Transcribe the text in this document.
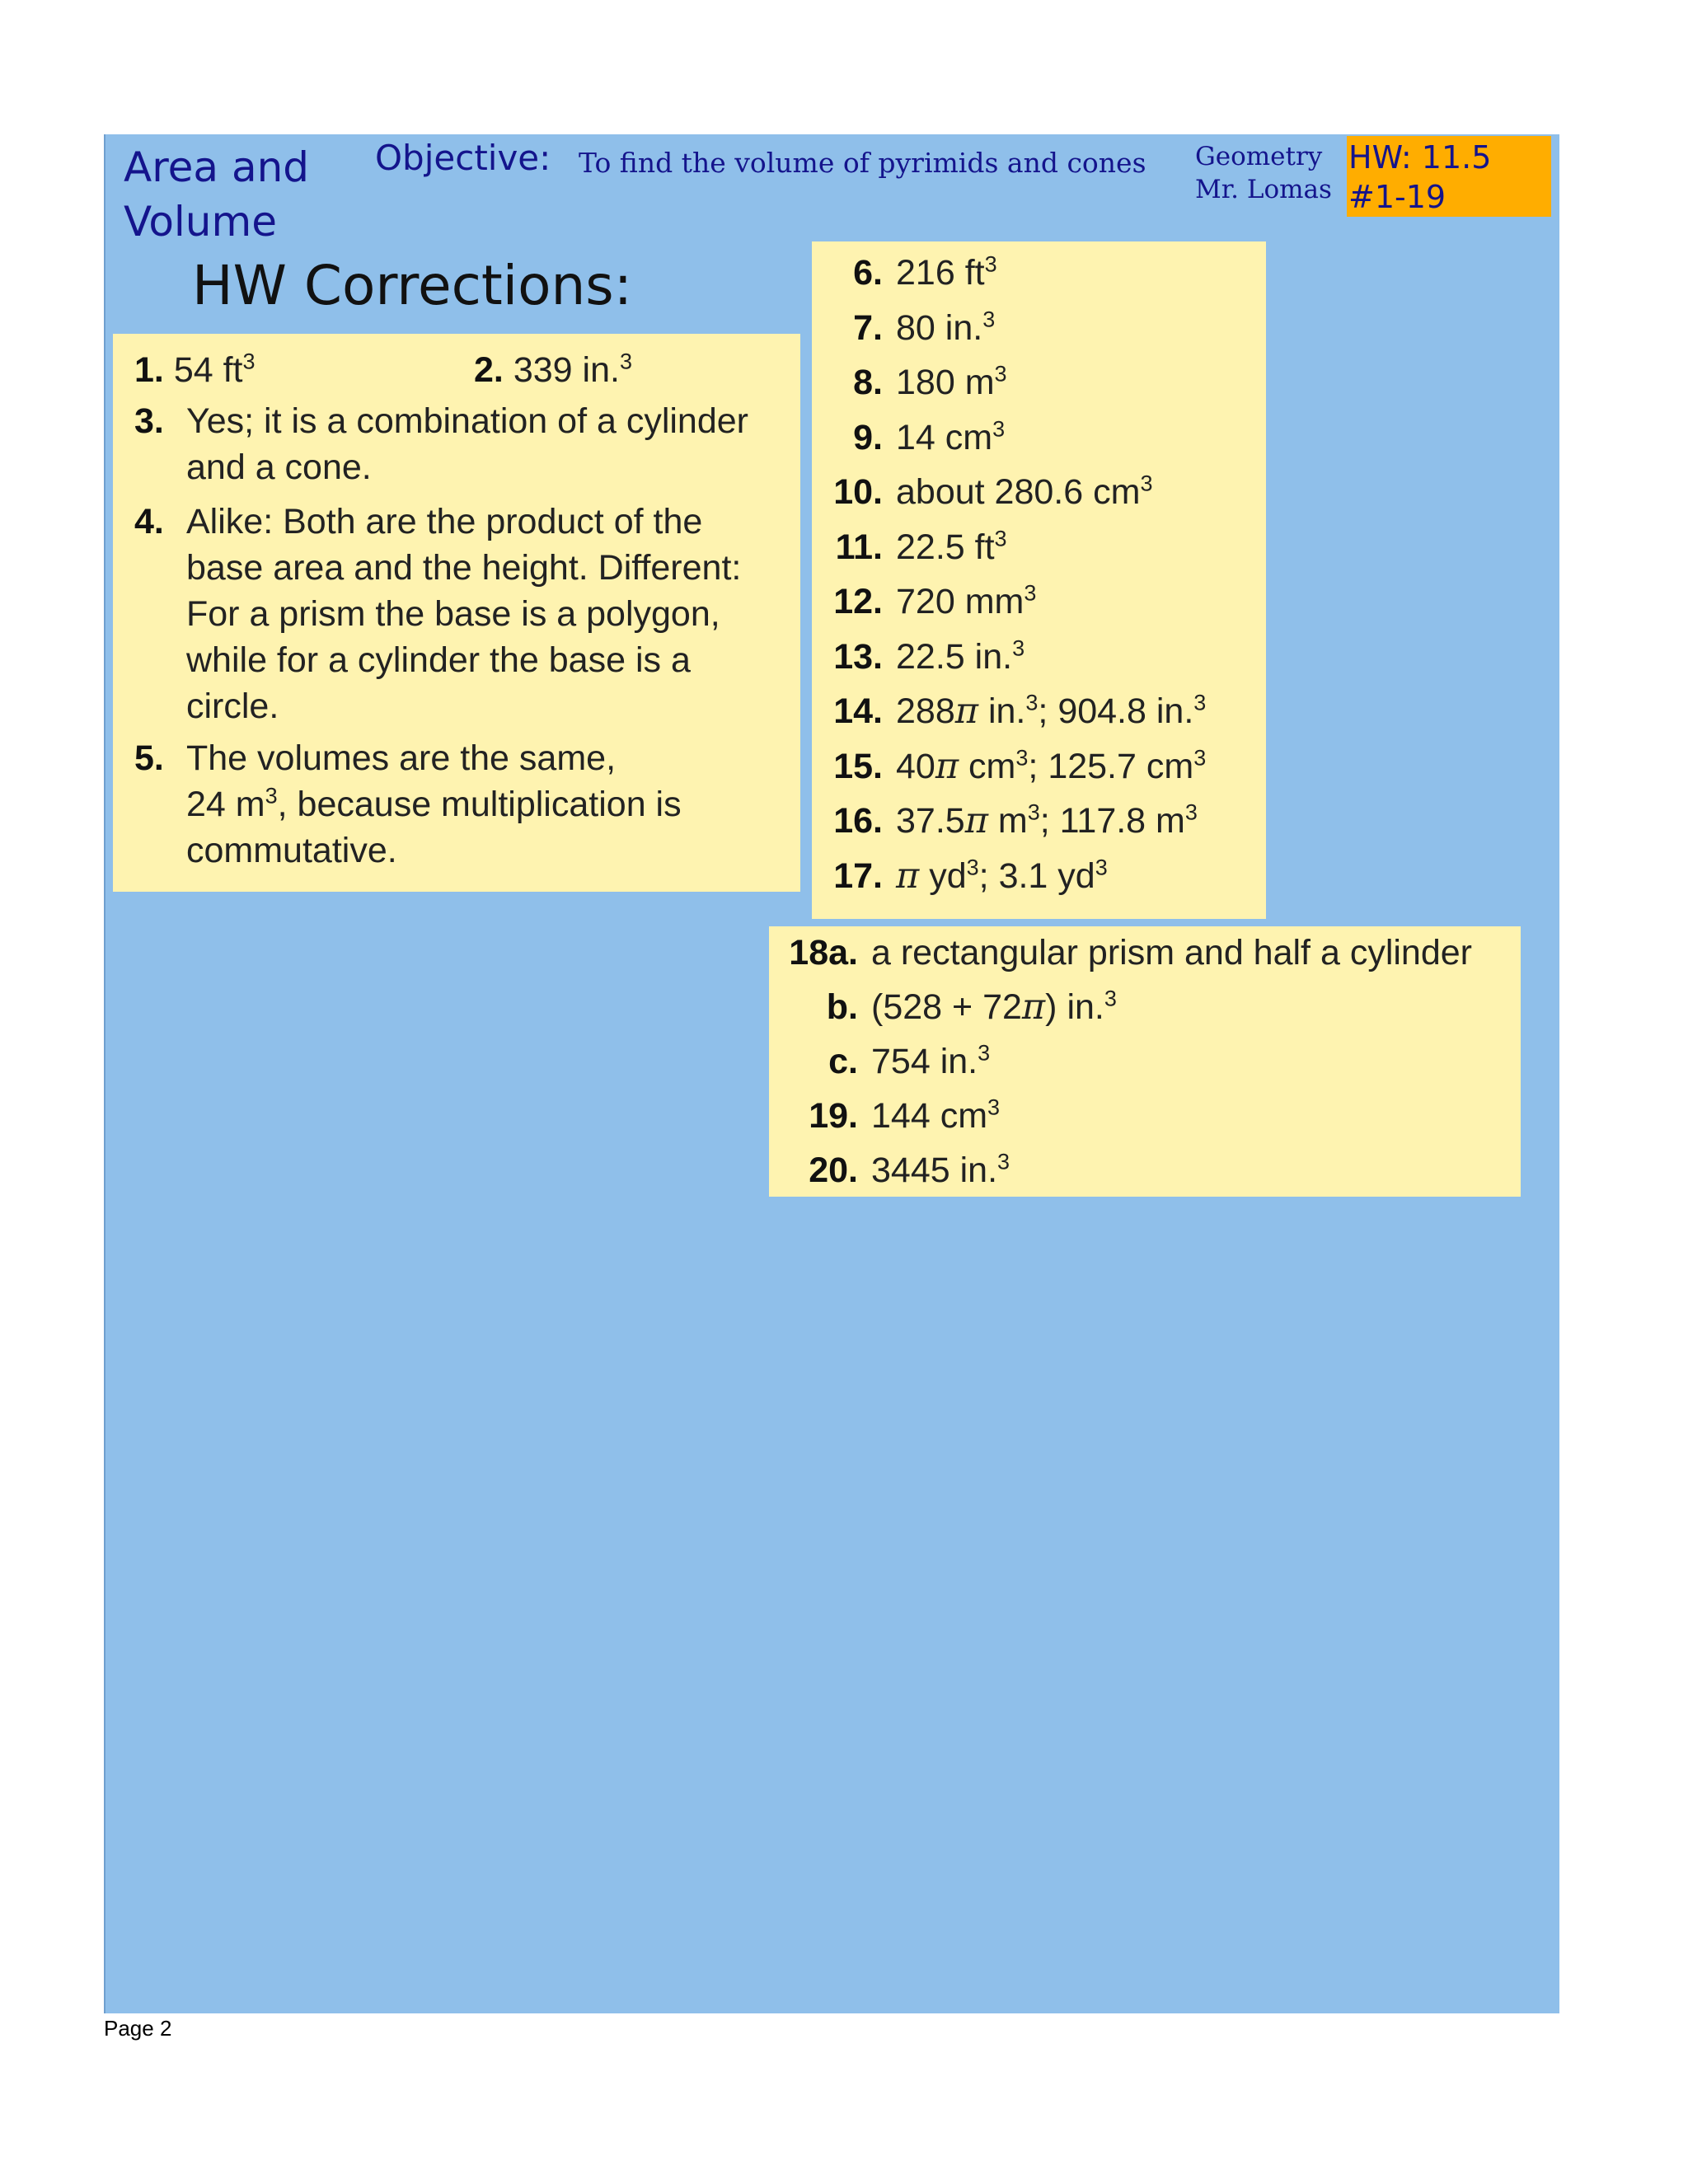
Area and
Volume
Objective: To find the volume of pyrimids and cones Geometry
Mr. Lomas
HW: 11.5
#1-19
HW Corrections:
1. 54 $ft^3$	2. 339 in.$^3$
3. Yes; it is a combination of a cylinder
and a cone.
4. Alike: Both are the product of the
base area and the height. Different:
For a prism the base is a polygon,
while for a cylinder the base is a
circle.
5. The volumes are the same,
24 $m^3$, because multiplication is
commutative.
6. 216 $ft^3$
7. 80 in.$^3$
8. 180 $m^3$
9. 14 $cm^3$
10. about 280.6 $cm^3$
11. 22.5 $ft^3$
12. 720 $mm^3$
13. 22.5 in.$^3$
14. 288π in.$^3$; 904.8 in.$^3$
15. 40π $cm^3$; 125.7 $cm^3$
16. 37.5π $m^3$; 117.8 $m^3$
17. π $yd^3$; 3.1 $yd^3$
18a. a rectangular prism and half a cylinder
b. (528 + 72π) in.$^3$
c. 754 in.$^3$
19. 144 $cm^3$
20. 3445 in.$^3$
Page 2
